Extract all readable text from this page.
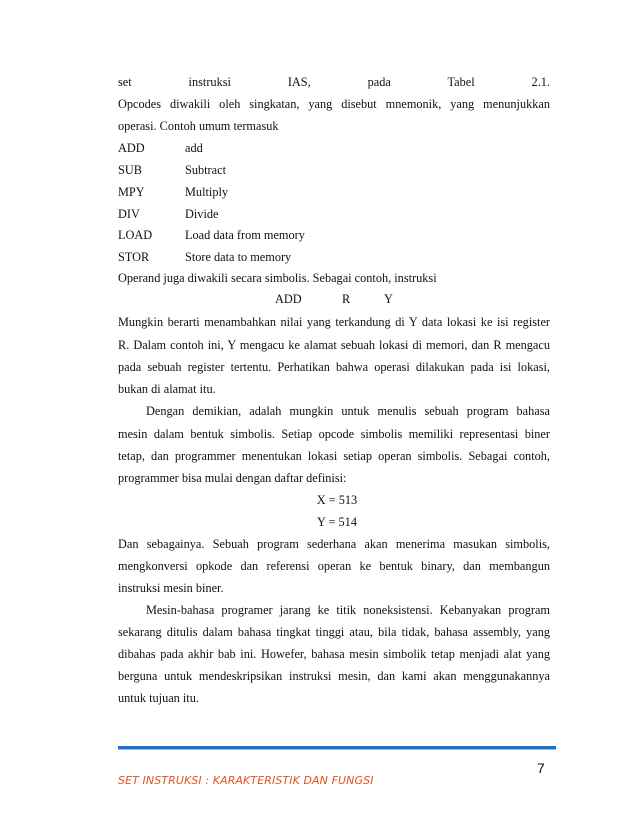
set instruksi IAS, pada Tabel 2.1.
Opcodes diwakili oleh singkatan, yang disebut mnemonik, yang menunjukkan
operasi. Contoh umum termasuk
ADD	add
SUB	Subtract
MPY	Multiply
DIV	Divide
LOAD	Load data from memory
STOR	Store data to memory
Operand juga diwakili secara simbolis. Sebagai contoh, instruksi
ADD	R	Y
Mungkin berarti menambahkan nilai yang terkandung di Y data lokasi ke isi register
R. Dalam contoh ini, Y mengacu ke alamat sebuah lokasi di memori, dan R mengacu
pada sebuah register tertentu. Perhatikan bahwa operasi dilakukan pada isi lokasi,
bukan di alamat itu.
Dengan demikian, adalah mungkin untuk menulis sebuah program bahasa
mesin dalam bentuk simbolis. Setiap opcode simbolis memiliki representasi biner
tetap, dan programmer menentukan lokasi setiap operan simbolis. Sebagai contoh,
programmer bisa mulai dengan daftar definisi:
X = 513
Y = 514
Dan sebagainya. Sebuah program sederhana akan menerima masukan simbolis,
mengkonversi opkode dan referensi operan ke bentuk binary, dan membangun
instruksi mesin biner.
Mesin-bahasa programer jarang ke titik noneksistensi. Kebanyakan program
sekarang ditulis dalam bahasa tingkat tinggi atau, bila tidak, bahasa assembly, yang
dibahas pada akhir bab ini. Howefer, bahasa mesin simbolik tetap menjadi alat yang
berguna untuk mendeskripsikan instruksi mesin, dan kami akan menggunakannya
untuk tujuan itu.
7
SET INSTRUKSI : KARAKTERISTIK DAN FUNGSI
